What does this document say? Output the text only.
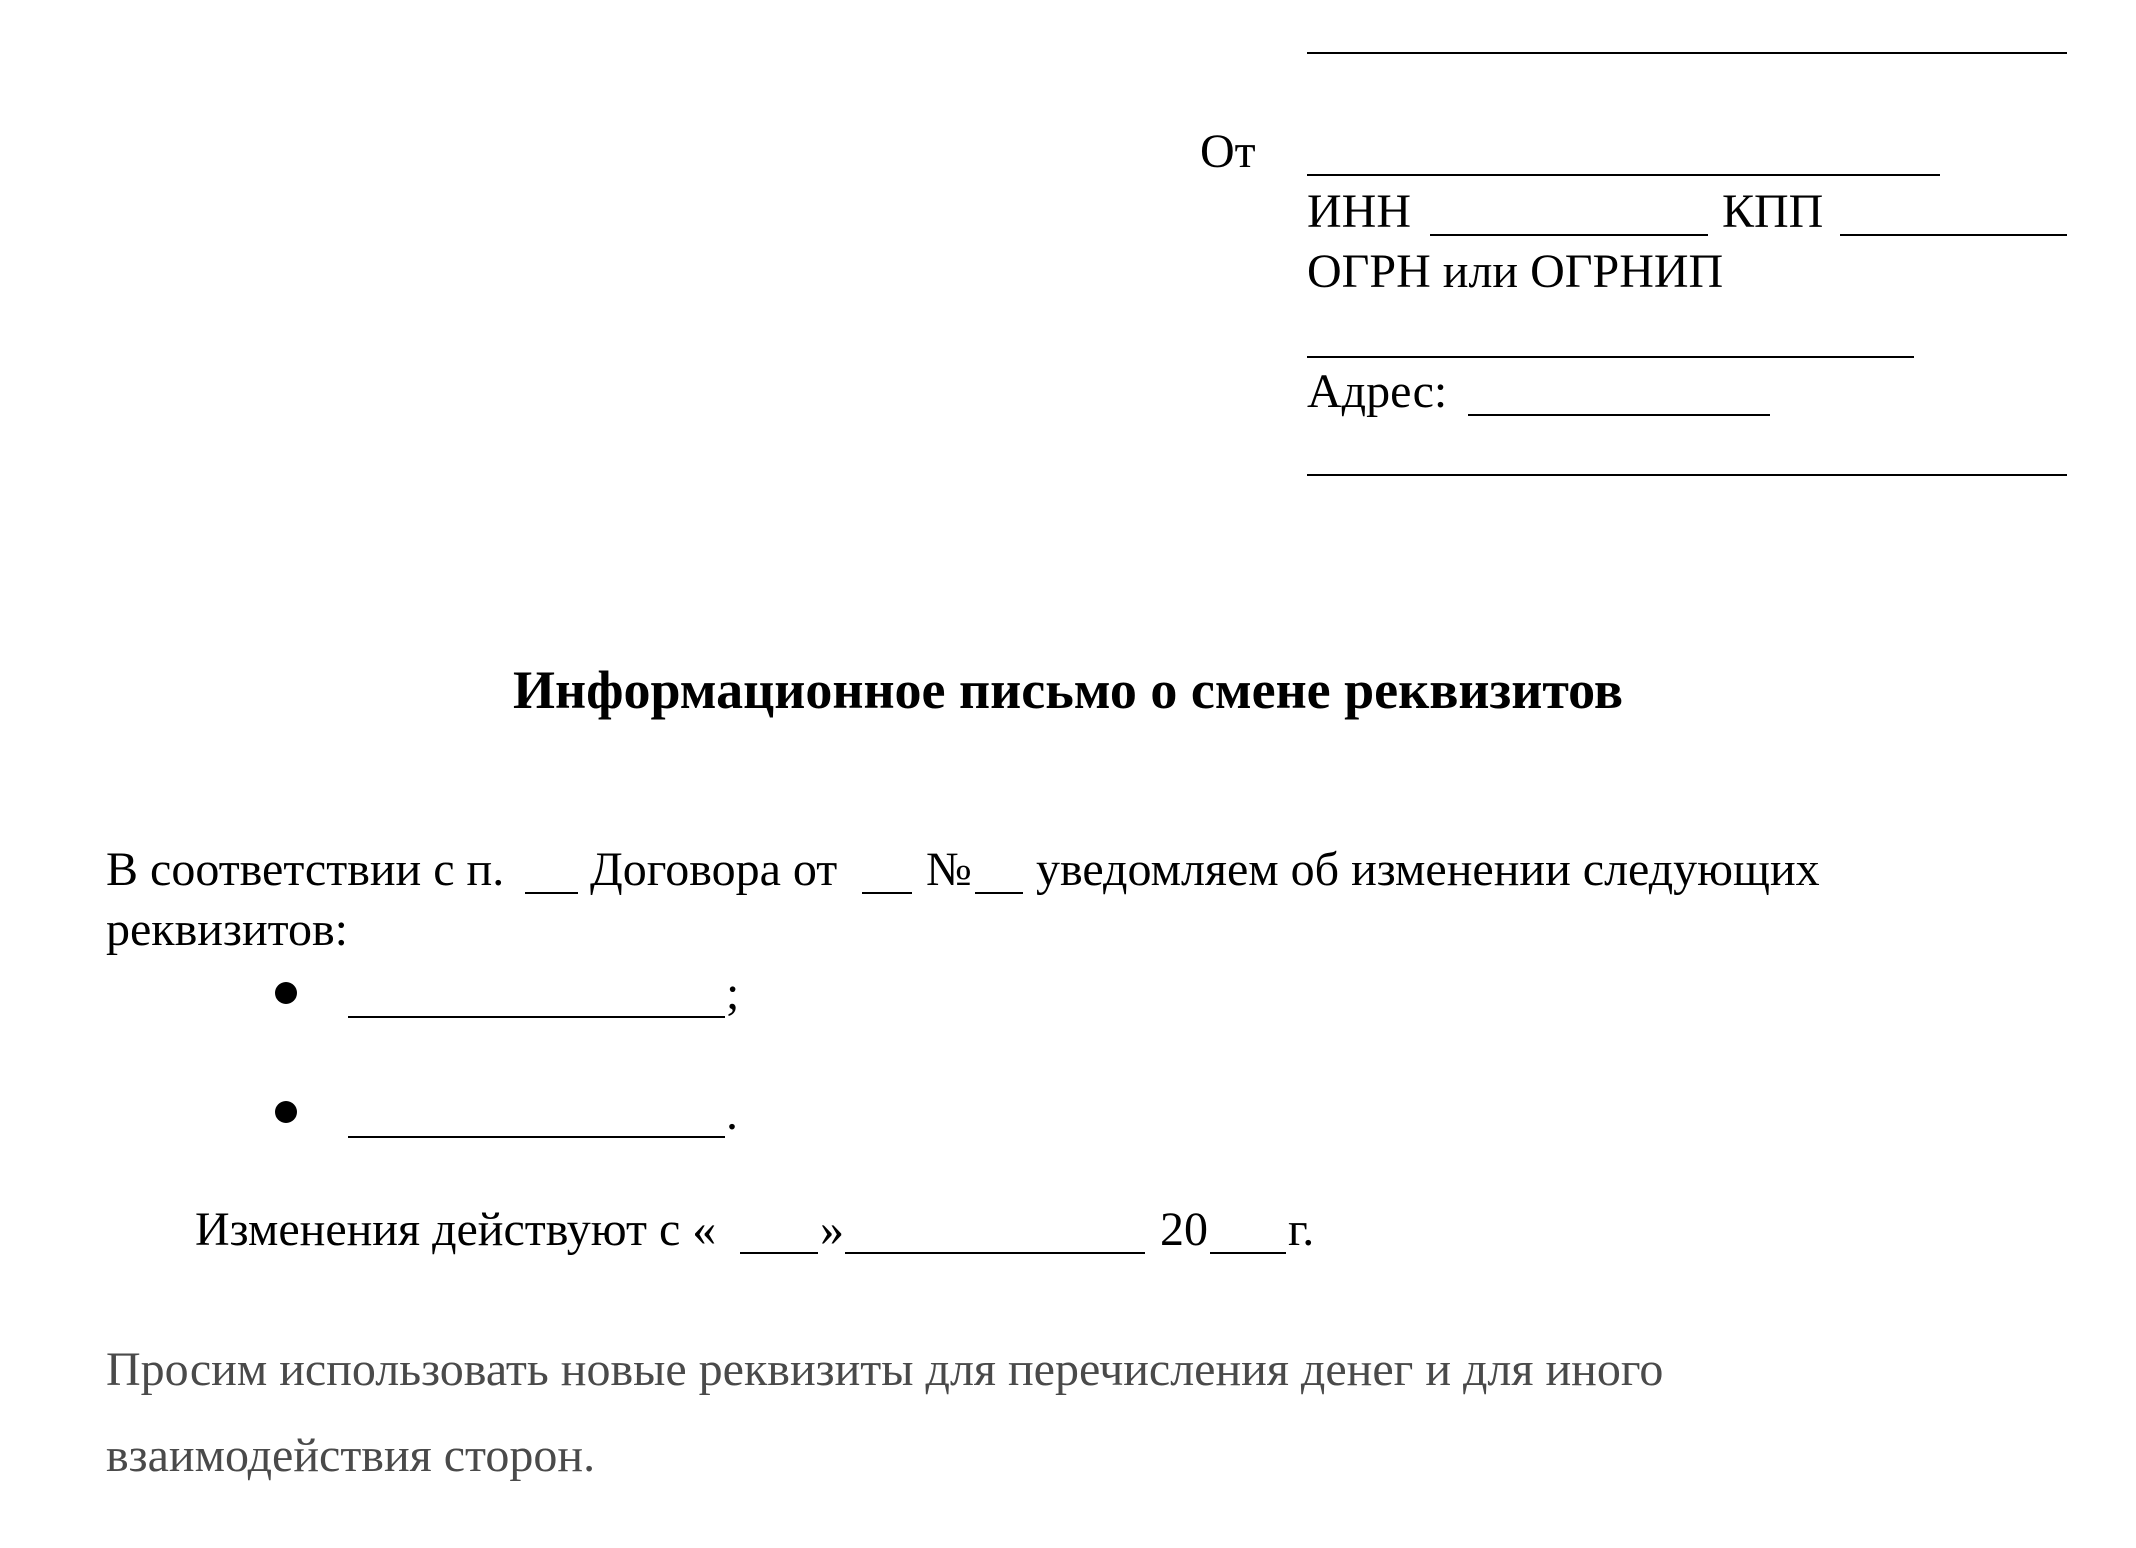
От
ИНН	КПП
ОГРН или ОГРНИП
Адрес:
Информационное письмо о смене реквизитов
В соответствии с п. Договора от № уведомляем об изменении следующих
реквизитов:
;
.
Изменения действуют с « »	20 г.
Просим использовать новые реквизиты для перечисления денег и для иного
взаимодействия сторон.
